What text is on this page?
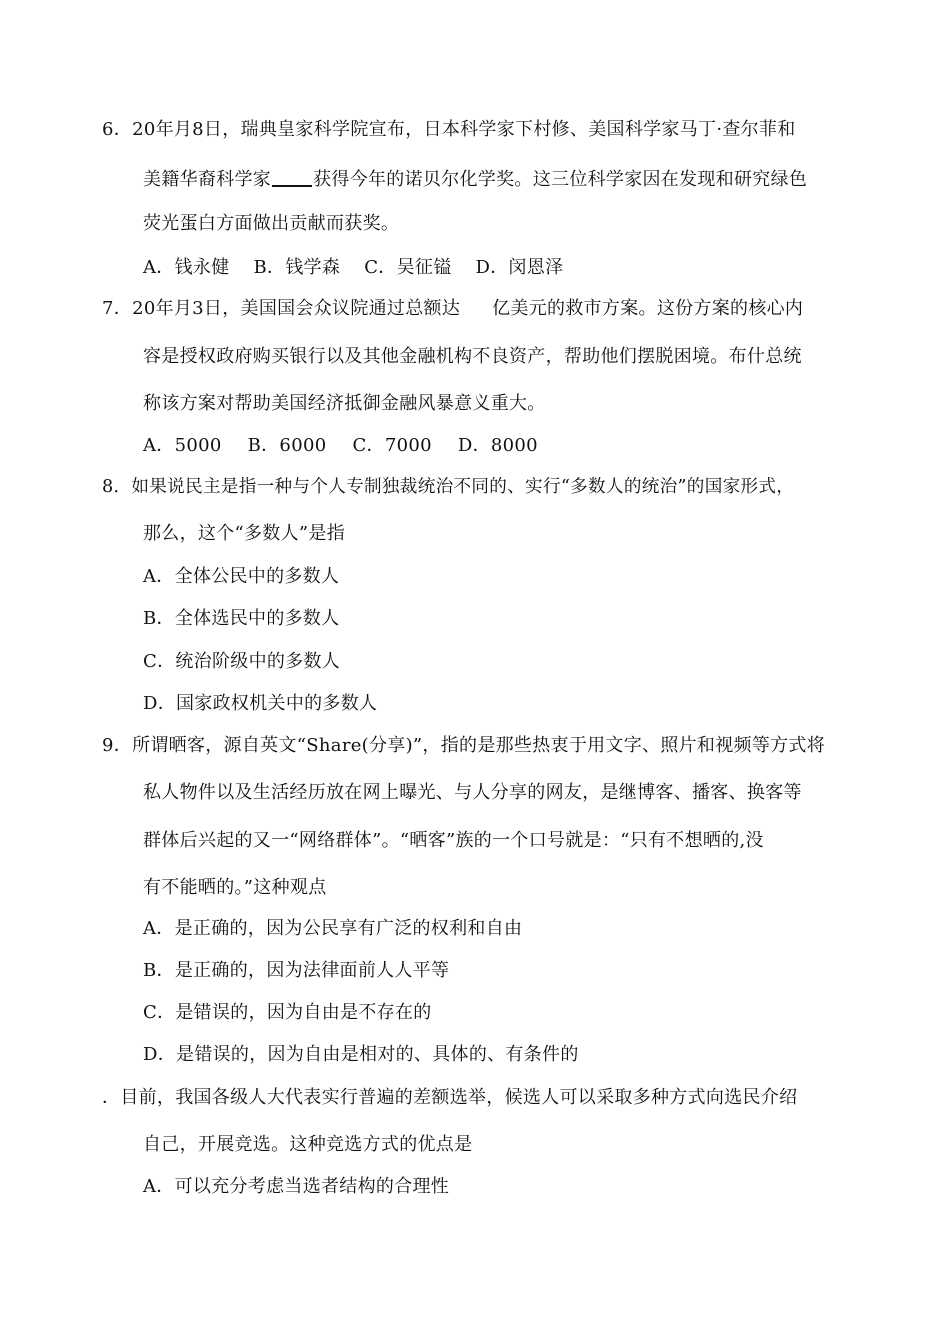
6．20年月8日，瑞典皇家科学院宣布，日本科学家下村修、美国科学家马丁·查尔菲和
美籍华裔科学家 获得今年的诺贝尔化学奖。这三位科学家因在发现和研究绿色
荧光蛋白方面做出贡献而获奖。
A．钱永健 B．钱学森 C．吴征镒 D．闵恩泽
7．20年月3日，美国国会众议院通过总额达 亿美元的救市方案。这份方案的核心内
容是授权政府购买银行以及其他金融机构不良资产，帮助他们摆脱困境。布什总统
称该方案对帮助美国经济抵御金融风暴意义重大。
A．5000 B．6000 C．7000 D．8000
8．如果说民主是指一种与个人专制独裁统治不同的、实行“多数人的统治”的国家形式，
那么，这个“多数人”是指
A．全体公民中的多数人
B．全体选民中的多数人
C．统治阶级中的多数人
D．国家政权机关中的多数人
9．所谓晒客，源自英文“Share(分享)”，指的是那些热衷于用文字、照片和视频等方式将
私人物件以及生活经历放在网上曝光、与人分享的网友，是继博客、播客、换客等
群体后兴起的又一“网络群体”。“晒客”族的一个口号就是：“只有不想晒的,没
有不能晒的。”这种观点
A．是正确的，因为公民享有广泛的权利和自由
B．是正确的，因为法律面前人人平等
C．是错误的，因为自由是不存在的
D．是错误的，因为自由是相对的、具体的、有条件的
．目前，我国各级人大代表实行普遍的差额选举，候选人可以采取多种方式向选民介绍
自己，开展竞选。这种竞选方式的优点是
A．可以充分考虑当选者结构的合理性
